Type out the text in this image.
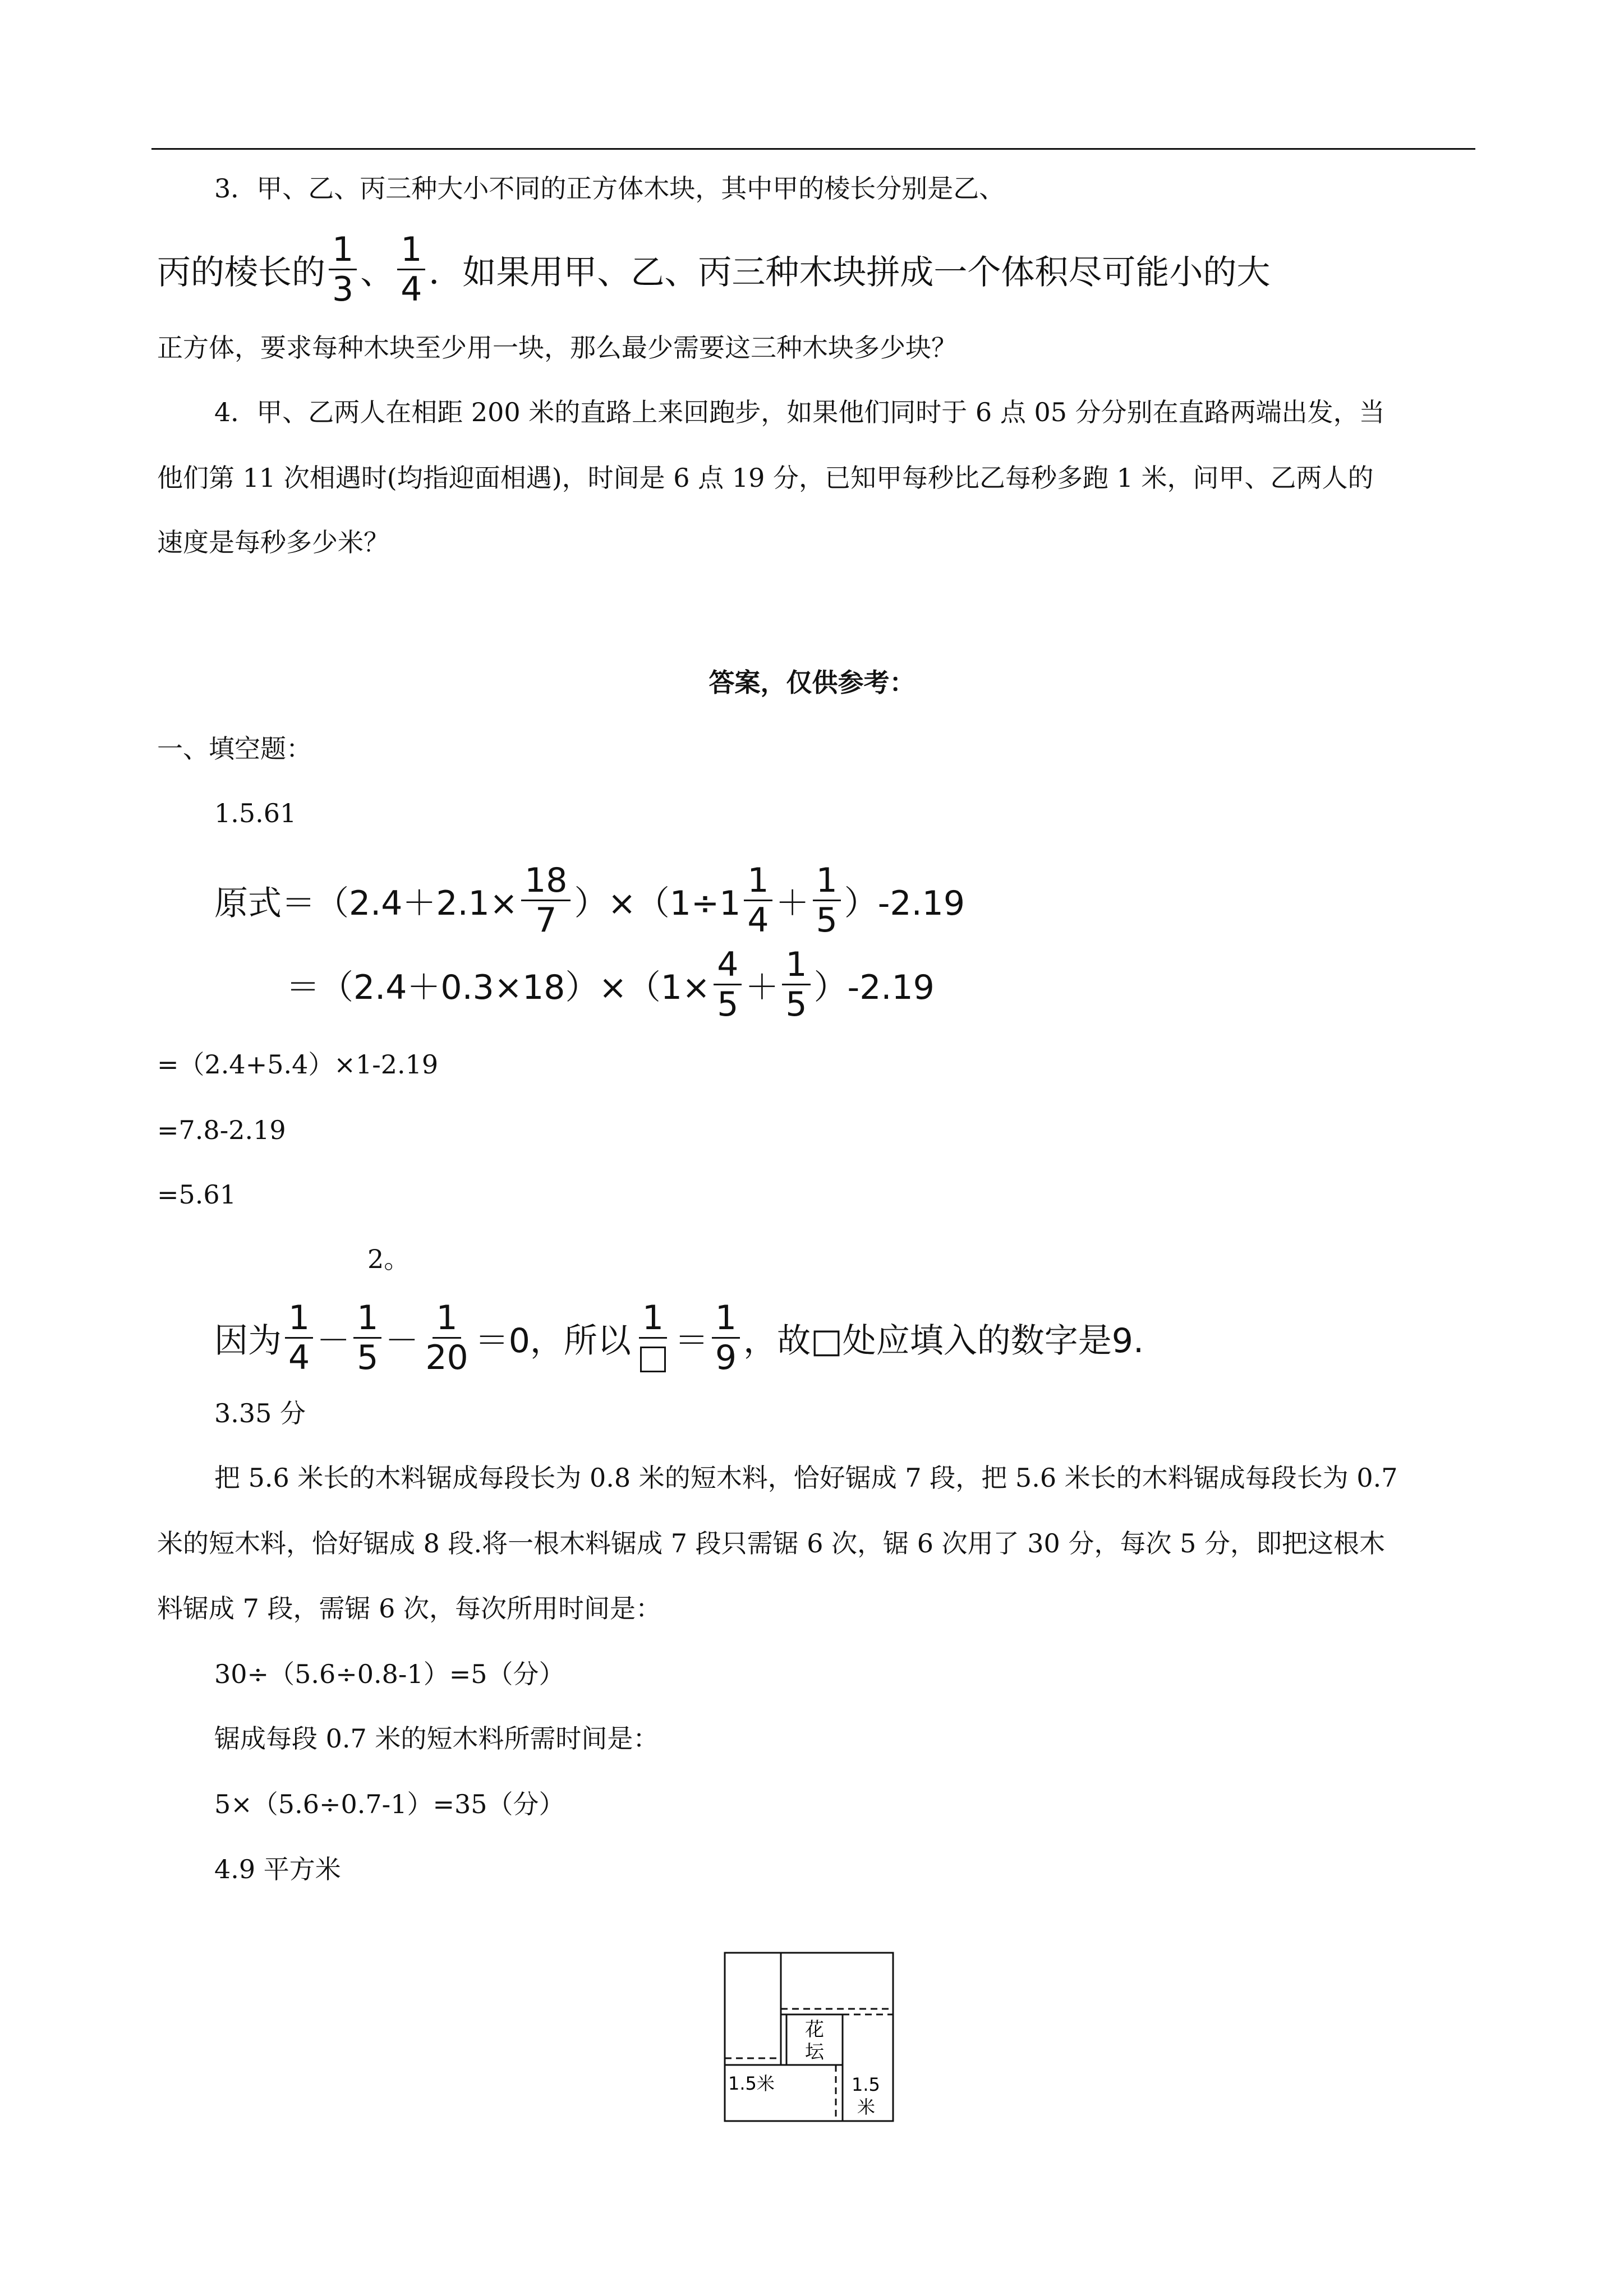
3．甲、乙、丙三种大小不同的正方体木块，其中甲的棱长分别是乙、
丙的棱长的 $\frac{1}{3}$ 、 $\frac{1}{4}$ ．如果用甲、乙、丙三种木块拼成一个体积尽可能小的大
正方体，要求每种木块至少用一块，那么最少需要这三种木块多少块？
4．甲、乙两人在相距 200 米的直路上来回跑步，如果他们同时于 6 点 05 分分别在直路两端出发，当
他们第 11 次相遇时(均指迎面相遇)，时间是 6 点 19 分，已知甲每秒比乙每秒多跑 1 米，问甲、乙两人的
速度是每秒多少米？
答案，仅供参考：
一、填空题：
1.5.61
原式$=(2.4+2.1\times \frac{18}{7} )\times(1\div 1 \frac{1}{4} + \frac{1}{5} )-2.19$
$=(2.4+0.3\times 18)\times(1\times \frac{4}{5} + \frac{1}{5} )-2.19$
=（2.4+5.4）×1-2.19
=7.8-2.19
=5.61
2。
因为 $\frac{1}{4} - \frac{1}{5} - \frac{1}{20} =0$，所以
1
＝ $\frac{1}{9}$ ，故□处应填入的数字是9.
3.35 分
把 5.6 米长的木料锯成每段长为 0.8 米的短木料，恰好锯成 7 段，把 5.6 米长的木料锯成每段长为 0.7
米的短木料，恰好锯成 8 段.将一根木料锯成 7 段只需锯 6 次，锯 6 次用了 30 分，每次 5 分，即把这根木
料锯成 7 段，需锯 6 次，每次所用时间是：
30÷（5.6÷0.8-1）=5（分）
锯成每段 0.7 米的短木料所需时间是：
5×（5.6÷0.7-1）=35（分）
4.9 平方米
花
坛
1.5米	1.5
米
